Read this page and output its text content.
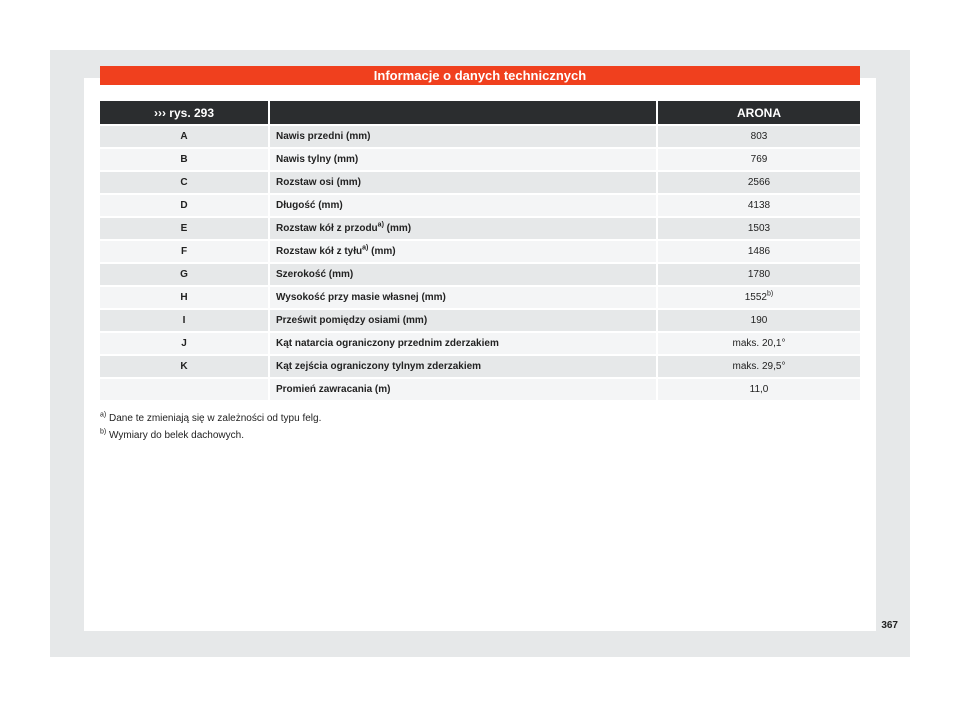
Informacje o danych technicznych
››› rys. 293		ARONA
A	Nawis przedni (mm)	803
B	Nawis tylny (mm)	769
C	Rozstaw osi (mm)	2566
D	Długość (mm)	4138
E	Rozstaw kół z przodu$^{a)}$ (mm)	1503
F	Rozstaw kół z tyłu$^{a)}$ (mm)	1486
G	Szerokość (mm)	1780
H	Wysokość przy masie własnej (mm)	1552$^{b)}$
I	Prześwit pomiędzy osiami (mm)	190
J	Kąt natarcia ograniczony przednim zderzakiem	maks. 20,1°
K	Kąt zejścia ograniczony tylnym zderzakiem	maks. 29,5°
	Promień zawracania (m)	11,0
$^{a)}$ Dane te zmieniają się w zależności od typu felg.
$^{b)}$ Wymiary do belek dachowych.
367
